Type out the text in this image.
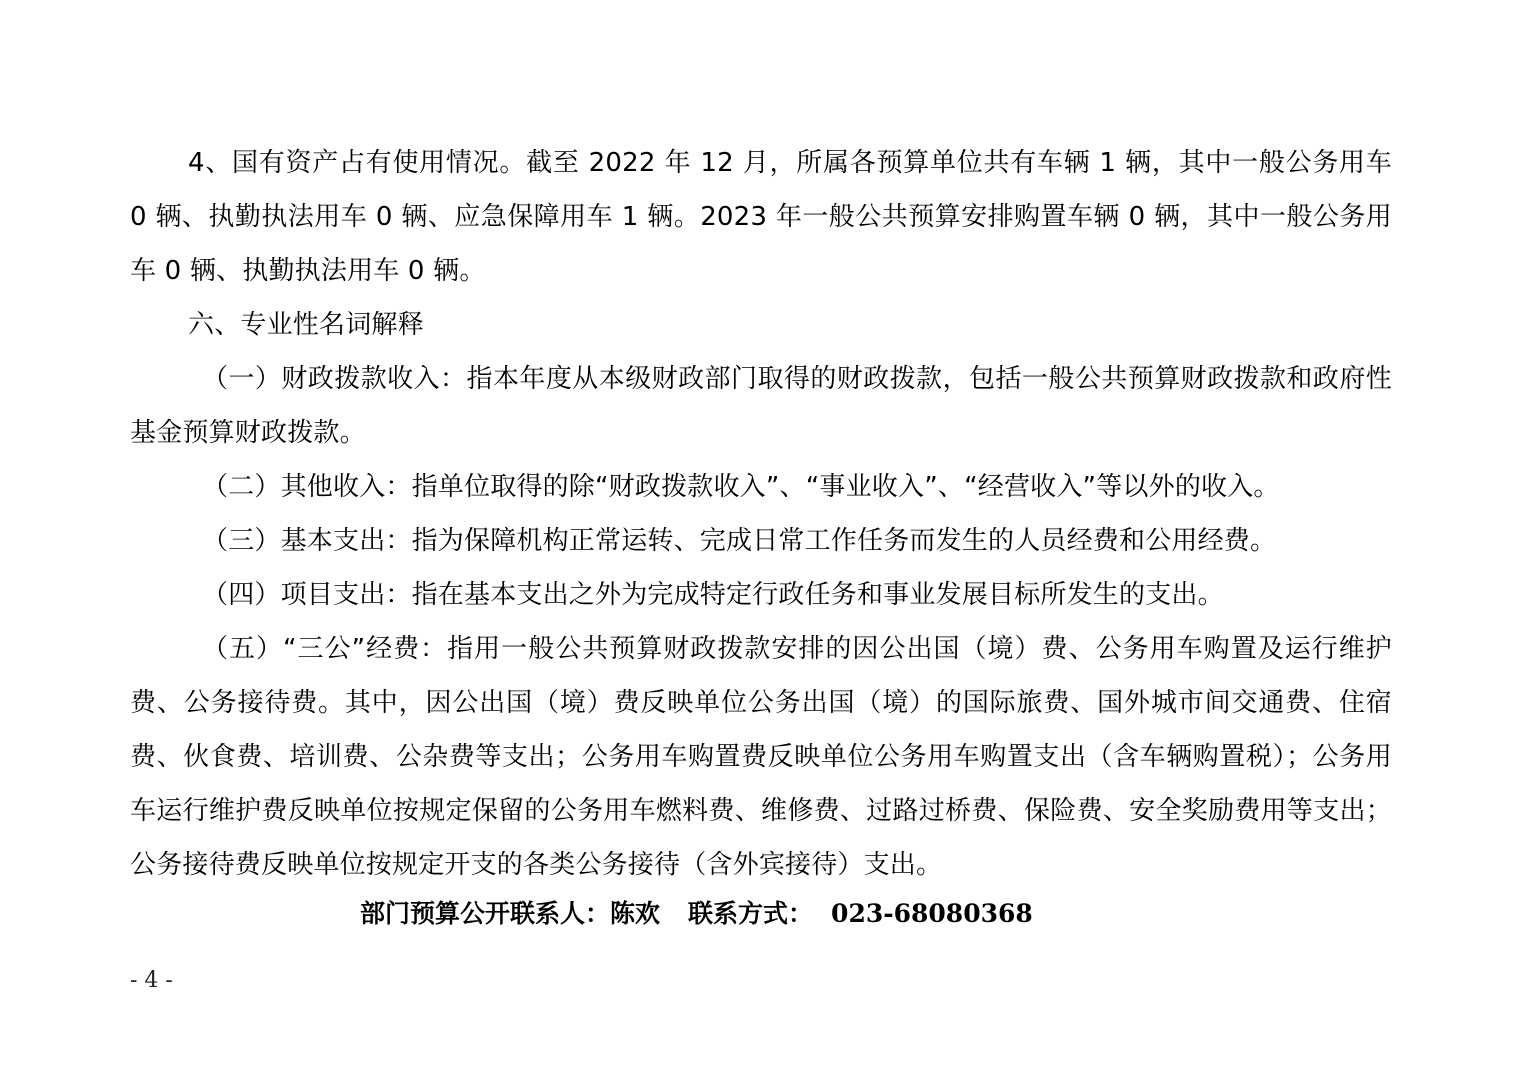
4、国有资产占有使用情况。截至 2022 年 12 月，所属各预算单位共有车辆 1 辆，其中一般公务用车 0 辆、执勤执法用车 0 辆、应急保障用车 1 辆。2023 年一般公共预算安排购置车辆 0 辆，其中一般公务用车 0 辆、执勤执法用车 0 辆。

六、专业性名词解释

（一）财政拨款收入：指本年度从本级财政部门取得的财政拨款，包括一般公共预算财政拨款和政府性基金预算财政拨款。

（二）其他收入：指单位取得的除“财政拨款收入”、“事业收入”、“经营收入”等以外的收入。

（三）基本支出：指为保障机构正常运转、完成日常工作任务而发生的人员经费和公用经费。

（四）项目支出：指在基本支出之外为完成特定行政任务和事业发展目标所发生的支出。

（五）“三公”经费：指用一般公共预算财政拨款安排的因公出国（境）费、公务用车购置及运行维护费、公务接待费。其中，因公出国（境）费反映单位公务出国（境）的国际旅费、国外城市间交通费、住宿费、伙食费、培训费、公杂费等支出；公务用车购置费反映单位公务用车购置支出（含车辆购置税）；公务用车运行维护费反映单位按规定保留的公务用车燃料费、维修费、过路过桥费、保险费、安全奖励费用等支出；公务接待费反映单位按规定开支的各类公务接待（含外宾接待）支出。

部门预算公开联系人：陈欢 联系方式： 023-68080368
- 4 -
